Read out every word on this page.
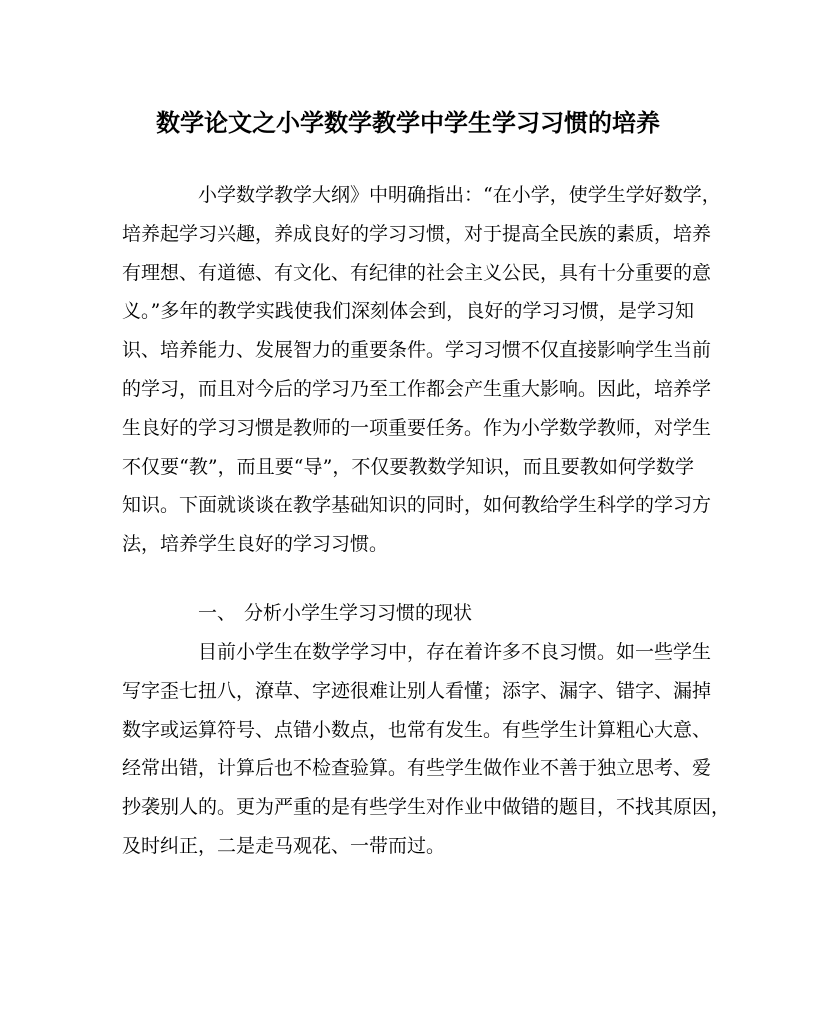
数学论文之小学数学教学中学生学习习惯的培养
小学数学教学大纲》中明确指出：“在小学，使学生学好数学，
培养起学习兴趣，养成良好的学习习惯，对于提高全民族的素质，培养
有理想、有道德、有文化、有纪律的社会主义公民，具有十分重要的意
义。”多年的教学实践使我们深刻体会到，良好的学习习惯，是学习知
识、培养能力、发展智力的重要条件。学习习惯不仅直接影响学生当前
的学习，而且对今后的学习乃至工作都会产生重大影响。因此，培养学
生良好的学习习惯是教师的一项重要任务。作为小学数学教师，对学生
不仅要“教”，而且要“导”，不仅要教数学知识，而且要教如何学数学
知识。下面就谈谈在教学基础知识的同时，如何教给学生科学的学习方
法，培养学生良好的学习习惯。
一、 分析小学生学习习惯的现状
目前小学生在数学学习中，存在着许多不良习惯。如一些学生
写字歪七扭八，潦草、字迹很难让别人看懂；添字、漏字、错字、漏掉
数字或运算符号、点错小数点，也常有发生。有些学生计算粗心大意、
经常出错，计算后也不检查验算。有些学生做作业不善于独立思考、爱
抄袭别人的。更为严重的是有些学生对作业中做错的题目，不找其原因，
及时纠正，二是走马观花、一带而过。
